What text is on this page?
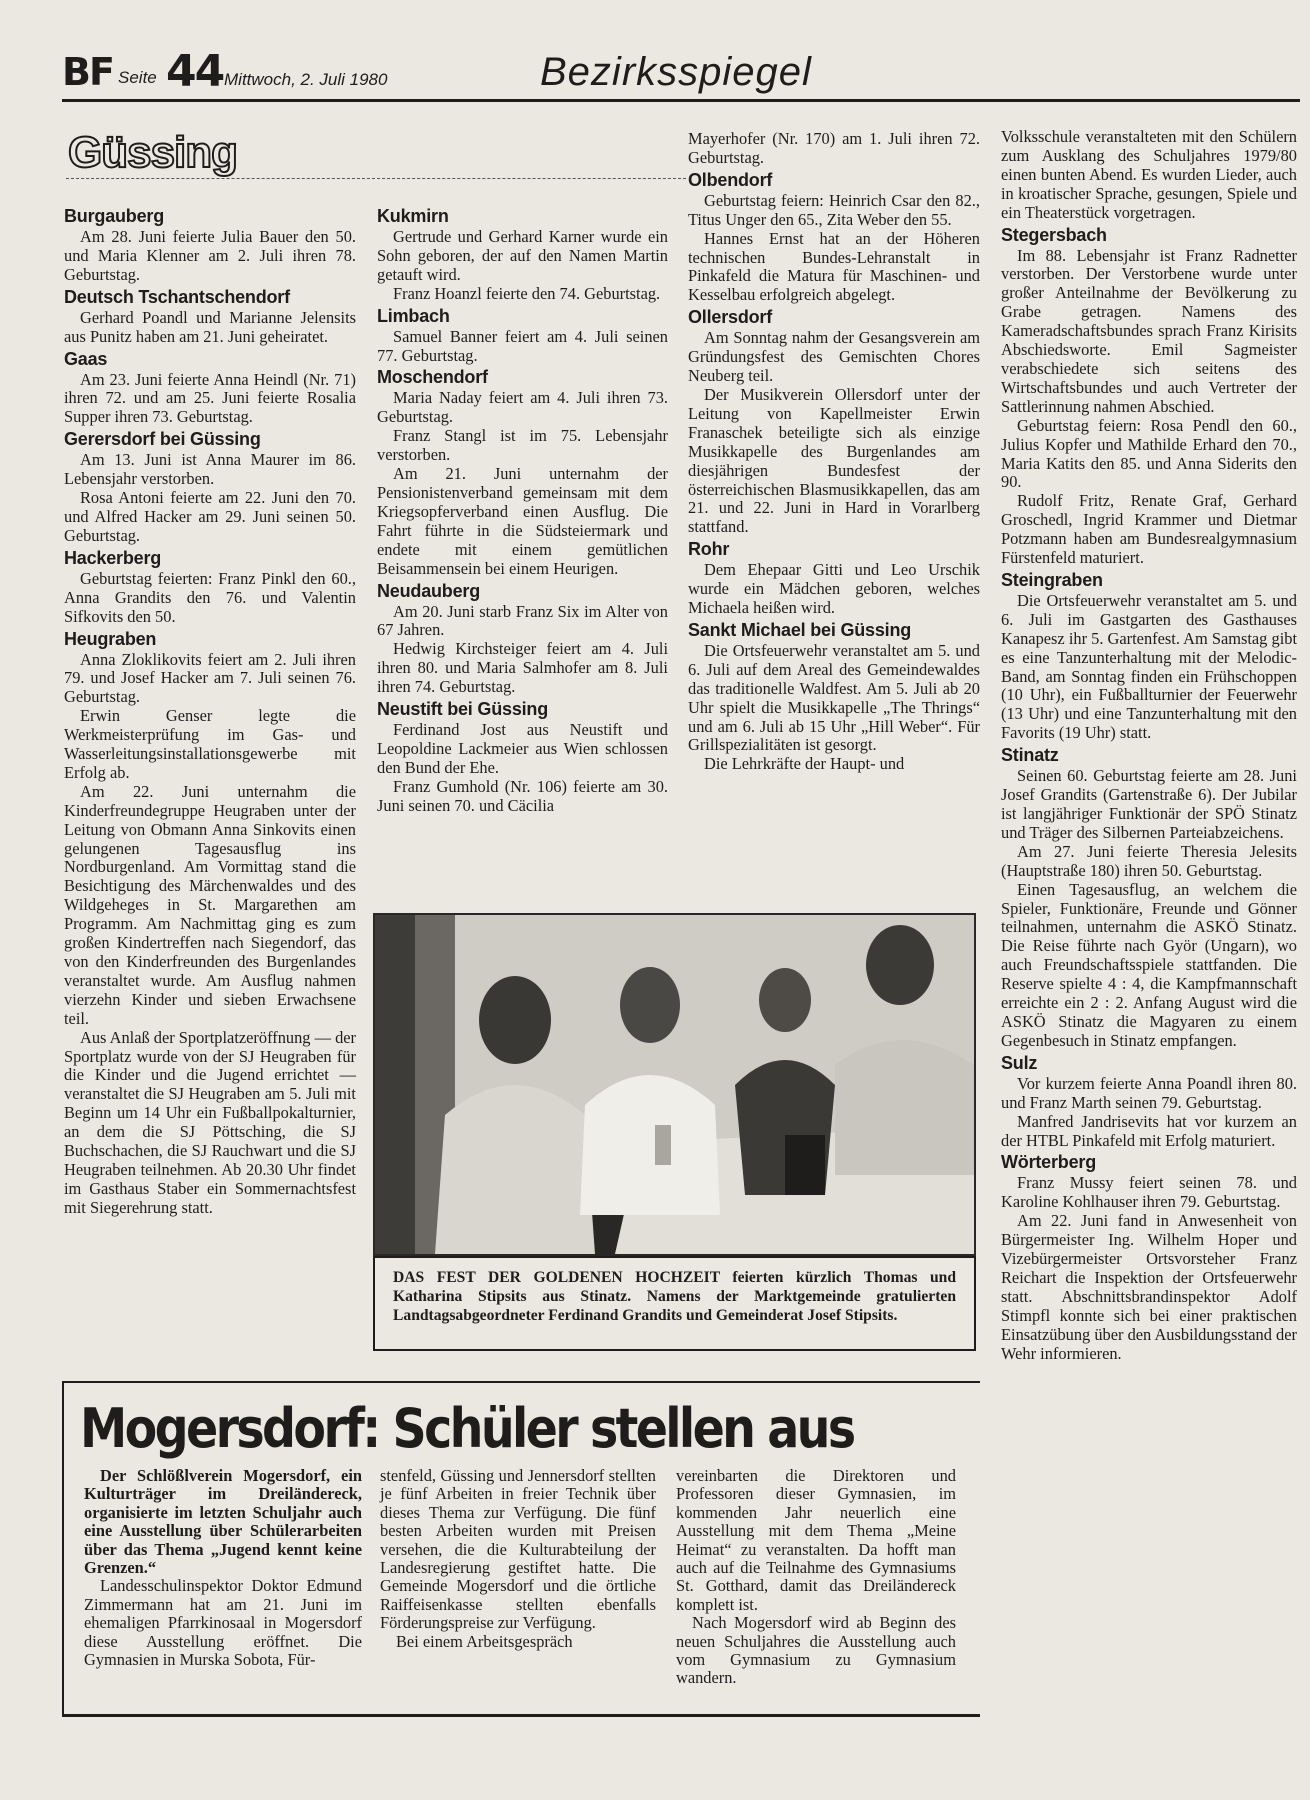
BF Seite 44 Mittwoch, 2. Juli 1980	Bezirksspiegel
Güssing
Burgauberg

Am 28. Juni feierte Julia Bauer den 50. und Maria Klenner am 2. Juli ihren 78. Geburtstag.

Deutsch Tschantschendorf

Gerhard Poandl und Marianne Jelensits aus Punitz haben am 21. Juni geheiratet.

Gaas

Am 23. Juni feierte Anna Heindl (Nr. 71) ihren 72. und am 25. Juni feierte Rosalia Supper ihren 73. Geburtstag.

Gerersdorf bei Güssing

Am 13. Juni ist Anna Maurer im 86. Lebensjahr verstorben.

Rosa Antoni feierte am 22. Juni den 70. und Alfred Hacker am 29. Juni seinen 50. Geburtstag.

Hackerberg

Geburtstag feierten: Franz Pinkl den 60., Anna Grandits den 76. und Valentin Sifkovits den 50.

Heugraben

Anna Zloklikovits feiert am 2. Juli ihren 79. und Josef Hacker am 7. Juli seinen 76. Geburtstag.

Erwin Genser legte die Werkmeisterprüfung im Gas- und Wasserleitungsinstallationsgewerbe mit Erfolg ab.

Am 22. Juni unternahm die Kinderfreundegruppe Heugraben unter der Leitung von Obmann Anna Sinkovits einen gelungenen Tagesausflug ins Nordburgenland. Am Vormittag stand die Besichtigung des Märchenwaldes und des Wildgeheges in St. Margarethen am Programm. Am Nachmittag ging es zum großen Kindertreffen nach Siegendorf, das von den Kinderfreunden des Burgenlandes veranstaltet wurde. Am Ausflug nahmen vierzehn Kinder und sieben Erwachsene teil.

Aus Anlaß der Sportplatzeröffnung — der Sportplatz wurde von der SJ Heugraben für die Kinder und die Jugend errichtet — veranstaltet die SJ Heugraben am 5. Juli mit Beginn um 14 Uhr ein Fußballpokalturnier, an dem die SJ Pöttsching, die SJ Buchschachen, die SJ Rauchwart und die SJ Heugraben teilnehmen. Ab 20.30 Uhr findet im Gasthaus Staber ein Sommernachtsfest mit Siegerehrung statt.

Kukmirn

Gertrude und Gerhard Karner wurde ein Sohn geboren, der auf den Namen Martin getauft wird.

Franz Hoanzl feierte den 74. Geburtstag.

Limbach

Samuel Banner feiert am 4. Juli seinen 77. Geburtstag.

Moschendorf

Maria Naday feiert am 4. Juli ihren 73. Geburtstag.

Franz Stangl ist im 75. Lebensjahr verstorben.

Am 21. Juni unternahm der Pensionistenverband gemeinsam mit dem Kriegsopferverband einen Ausflug. Die Fahrt führte in die Südsteiermark und endete mit einem gemütlichen Beisammensein bei einem Heurigen.

Neudauberg

Am 20. Juni starb Franz Six im Alter von 67 Jahren.

Hedwig Kirchsteiger feiert am 4. Juli ihren 80. und Maria Salmhofer am 8. Juli ihren 74. Geburtstag.

Neustift bei Güssing

Ferdinand Jost aus Neustift und Leopoldine Lackmeier aus Wien schlossen den Bund der Ehe.

Franz Gumhold (Nr. 106) feierte am 30. Juni seinen 70. und Cäcilia

Mayerhofer (Nr. 170) am 1. Juli ihren 72. Geburtstag.

Olbendorf

Geburtstag feiern: Heinrich Csar den 82., Titus Unger den 65., Zita Weber den 55.

Hannes Ernst hat an der Höheren technischen Bundes-Lehranstalt in Pinkafeld die Matura für Maschinen- und Kesselbau erfolgreich abgelegt.

Ollersdorf

Am Sonntag nahm der Gesangsverein am Gründungsfest des Gemischten Chores Neuberg teil.

Der Musikverein Ollersdorf unter der Leitung von Kapellmeister Erwin Franaschek beteiligte sich als einzige Musikkapelle des Burgenlandes am diesjährigen Bundesfest der österreichischen Blasmusikkapellen, das am 21. und 22. Juni in Hard in Vorarlberg stattfand.

Rohr

Dem Ehepaar Gitti und Leo Urschik wurde ein Mädchen geboren, welches Michaela heißen wird.

Sankt Michael bei Güssing

Die Ortsfeuerwehr veranstaltet am 5. und 6. Juli auf dem Areal des Gemeindewaldes das traditionelle Waldfest. Am 5. Juli ab 20 Uhr spielt die Musikkapelle „The Thrings“ und am 6. Juli ab 15 Uhr „Hill Weber“. Für Grillspezialitäten ist gesorgt.

Die Lehrkräfte der Haupt- und

Volksschule veranstalteten mit den Schülern zum Ausklang des Schuljahres 1979/80 einen bunten Abend. Es wurden Lieder, auch in kroatischer Sprache, gesungen, Spiele und ein Theaterstück vorgetragen.

Stegersbach

Im 88. Lebensjahr ist Franz Radnetter verstorben. Der Verstorbene wurde unter großer Anteilnahme der Bevölkerung zu Grabe getragen. Namens des Kameradschaftsbundes sprach Franz Kirisits Abschiedsworte. Emil Sagmeister verabschiedete sich seitens des Wirtschaftsbundes und auch Vertreter der Sattlerinnung nahmen Abschied.

Geburtstag feiern: Rosa Pendl den 60., Julius Kopfer und Mathilde Erhard den 70., Maria Katits den 85. und Anna Siderits den 90.

Rudolf Fritz, Renate Graf, Gerhard Groschedl, Ingrid Krammer und Dietmar Potzmann haben am Bundesrealgymnasium Fürstenfeld maturiert.

Steingraben

Die Ortsfeuerwehr veranstaltet am 5. und 6. Juli im Gastgarten des Gasthauses Kanapesz ihr 5. Gartenfest. Am Samstag gibt es eine Tanzunterhaltung mit der Melodic-Band, am Sonntag finden ein Frühschoppen (10 Uhr), ein Fußballturnier der Feuerwehr (13 Uhr) und eine Tanzunterhaltung mit den Favorits (19 Uhr) statt.

Stinatz

Seinen 60. Geburtstag feierte am 28. Juni Josef Grandits (Gartenstraße 6). Der Jubilar ist langjähriger Funktionär der SPÖ Stinatz und Träger des Silbernen Parteiabzeichens.

Am 27. Juni feierte Theresia Jelesits (Hauptstraße 180) ihren 50. Geburtstag.

Einen Tagesausflug, an welchem die Spieler, Funktionäre, Freunde und Gönner teilnahmen, unternahm die ASKÖ Stinatz. Die Reise führte nach Györ (Ungarn), wo auch Freundschaftsspiele stattfanden. Die Reserve spielte 4 : 4, die Kampfmannschaft erreichte ein 2 : 2. Anfang August wird die ASKÖ Stinatz die Magyaren zu einem Gegenbesuch in Stinatz empfangen.

Sulz

Vor kurzem feierte Anna Poandl ihren 80. und Franz Marth seinen 79. Geburtstag.

Manfred Jandrisevits hat vor kurzem an der HTBL Pinkafeld mit Erfolg maturiert.

Wörterberg

Franz Mussy feiert seinen 78. und Karoline Kohlhauser ihren 79. Geburtstag.

Am 22. Juni fand in Anwesenheit von Bürgermeister Ing. Wilhelm Hoper und Vizebürgermeister Ortsvorsteher Franz Reichart die Inspektion der Ortsfeuerwehr statt. Abschnittsbrandinspektor Adolf Stimpfl konnte sich bei einer praktischen Einsatzübung über den Ausbildungsstand der Wehr informieren.

DAS FEST DER GOLDENEN HOCHZEIT feierten kürzlich Thomas und Katharina Stipsits aus Stinatz. Namens der Marktgemeinde gratulierten Landtagsabgeordneter Ferdinand Grandits und Gemeinderat Josef Stipsits.
Mogersdorf: Schüler stellen aus

Der Schlößlverein Mogersdorf, ein Kulturträger im Dreiländereck, organisierte im letzten Schuljahr auch eine Ausstellung über Schülerarbeiten über das Thema „Jugend kennt keine Grenzen.“

Landesschulinspektor Doktor Edmund Zimmermann hat am 21. Juni im ehemaligen Pfarrkinosaal in Mogersdorf diese Ausstellung eröffnet. Die Gymnasien in Murska Sobota, Für-

stenfeld, Güssing und Jennersdorf stellten je fünf Arbeiten in freier Technik über dieses Thema zur Verfügung. Die fünf besten Arbeiten wurden mit Preisen versehen, die die Kulturabteilung der Landesregierung gestiftet hatte. Die Gemeinde Mogersdorf und die örtliche Raiffeisenkasse stellten ebenfalls Förderungspreise zur Verfügung.

Bei einem Arbeitsgespräch

vereinbarten die Direktoren und Professoren dieser Gymnasien, im kommenden Jahr neuerlich eine Ausstellung mit dem Thema „Meine Heimat“ zu veranstalten. Da hofft man auch auf die Teilnahme des Gymnasiums St. Gotthard, damit das Dreiländereck komplett ist.

Nach Mogersdorf wird ab Beginn des neuen Schuljahres die Ausstellung auch vom Gymnasium zu Gymnasium wandern.
